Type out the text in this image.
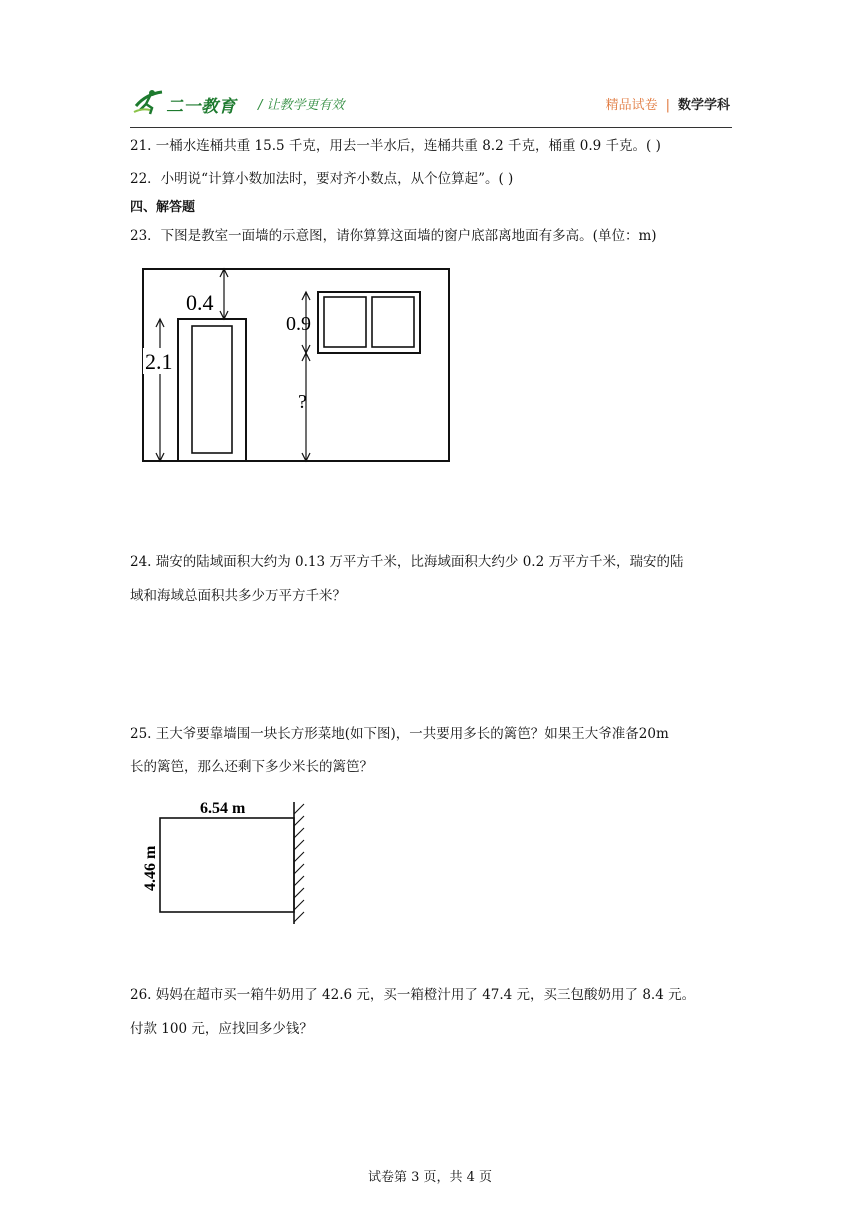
二一教育 / 让教学更有效	精品试卷 | 数学学科
21. 一桶水连桶共重 15.5 千克，用去一半水后，连桶共重 8.2 千克，桶重 0.9 千克。( )
22．小明说“计算小数加法时，要对齐小数点，从个位算起”。( )
四、解答题
23．下图是教室一面墙的示意图，请你算算这面墙的窗户底部离地面有多高。(单位：m)
0.4
0.9
?
2.1
24. 瑞安的陆域面积大约为 0.13 万平方千米，比海域面积大约少 0.2 万平方千米，瑞安的陆
域和海域总面积共多少万平方千米？
25. 王大爷要靠墙围一块长方形菜地(如下图)，一共要用多长的篱笆？如果王大爷准备20m
长的篱笆，那么还剩下多少米长的篱笆？
6.54 m
4.46 m
26. 妈妈在超市买一箱牛奶用了 42.6 元，买一箱橙汁用了 47.4 元，买三包酸奶用了 8.4 元。
付款 100 元，应找回多少钱？
试卷第 3 页，共 4 页
